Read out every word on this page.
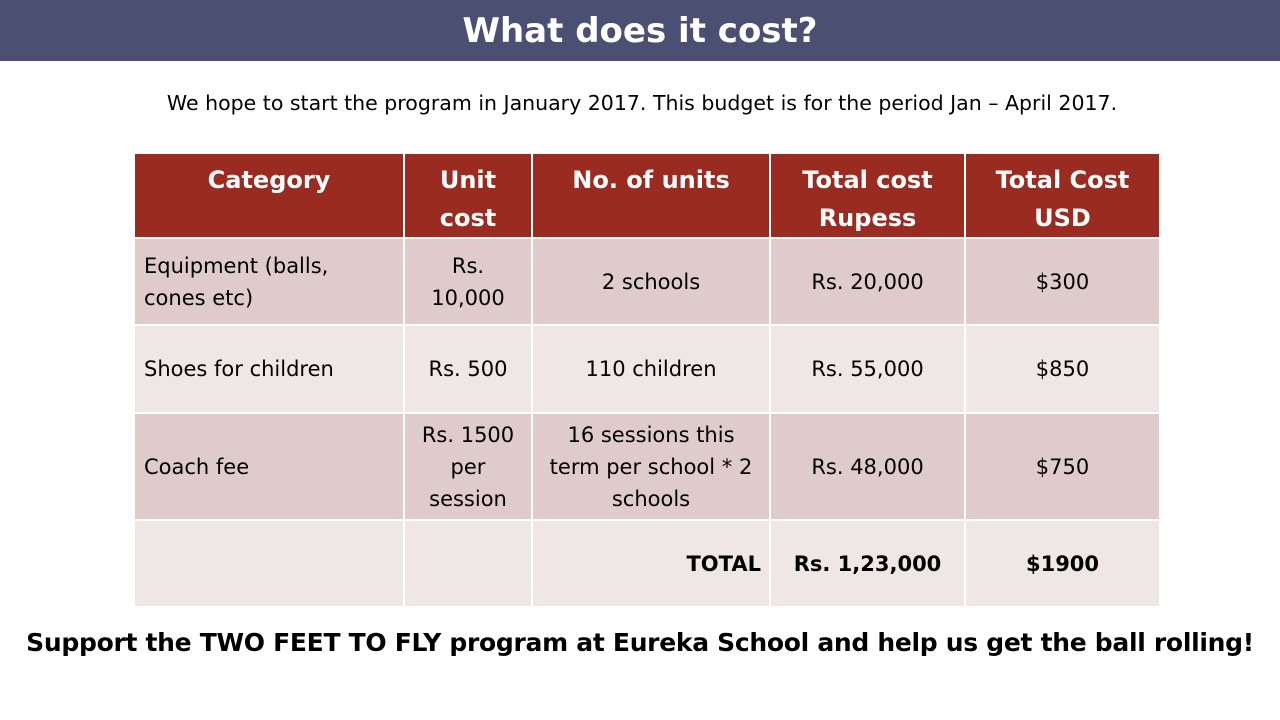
What does it cost?
We hope to start the program in January 2017. This budget is for the period Jan – April 2017.
Category	Unit cost	No. of units	Total cost Rupess	Total Cost USD
Equipment (balls, cones etc)	Rs. 10,000	2 schools	Rs. 20,000	$300
Shoes for children	Rs. 500	110 children	Rs. 55,000	$850
Coach fee	Rs. 1500 per session	16 sessions this term per school * 2 schools	Rs. 48,000	$750
		TOTAL	Rs. 1,23,000	$1900
Support the TWO FEET TO FLY program at Eureka School and help us get the ball rolling!
